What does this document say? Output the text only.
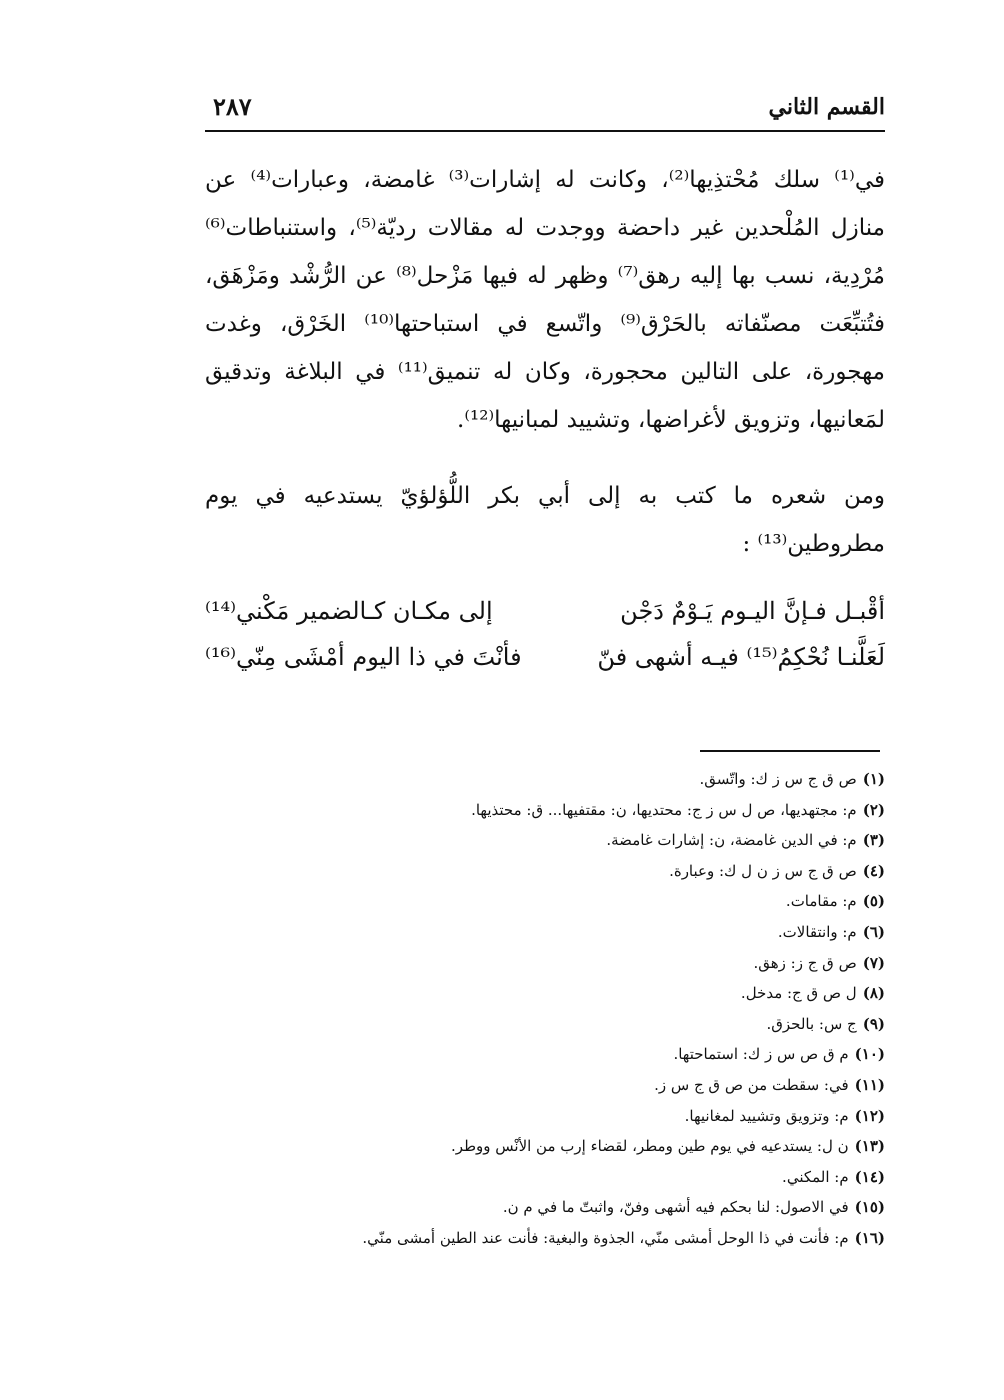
القسم الثاني
٢٨٧

في⁽¹⁾ سلك مُحْتذِيها⁽²⁾، وكانت له إشارات⁽³⁾ غامضة، وعبارات⁽⁴⁾ عن منازل المُلْحدين غير داحضة ووجدت له مقالات رديّة⁽⁵⁾، واستنباطات⁽⁶⁾ مُرْدِية، نسب بها إليه رهق⁽⁷⁾ وظهر له فيها مَزْحل⁽⁸⁾ عن الرُّشْد ومَزْهَق، فتُتبِّعَت مصنّفاته بالحَرْق⁽⁹⁾ واتّسع في استباحتها⁽¹⁰⁾ الخَرْق، وغدت مهجورة، على التالين محجورة، وكان له تنميق⁽¹¹⁾ في البلاغة وتدقيق لمَعانيها، وتزويق لأغراضها، وتشييد لمبانيها⁽¹²⁾.

ومن شعره ما كتب به إلى أبي بكر اللُّؤلؤيّ يستدعيه في يوم مطروطين⁽¹³⁾ :

أقْبـل فـإنَّ اليـوم يَـوْمٌ دَجْن
إلى مكـان كـالضمير مَكْني⁽¹⁴⁾
لَعَلَّنـا نُحْكِمُ⁽¹⁵⁾ فيـه أشهى فنّ
فأنْتَ في ذا اليوم أمْشَى مِنّي⁽¹⁶⁾
(١)ص ق ج س ز ك: واتّسق.
(٢)م: مجتهديها، ص ل س ز ج: محتديها، ن: مقتفيها... ق: محتذيها.
(٣)م: في الدين غامضة، ن: إشارات غامضة.
(٤)ص ق ج س ز ن ل ك: وعبارة.
(٥)م: مقامات.
(٦)م: وانتقالات.
(٧)ص ق ج ز: زهق.
(٨)ل ص ق ج: مدخل.
(٩)ج س: بالحزق.
(١٠)م ق ص س ز ك: استماحتها.
(١١)في: سقطت من ص ق ج س ز.
(١٢)م: وتزويق وتشييد لمغانيها.
(١٣)ن ل: يستدعيه في يوم طين ومطر، لقضاء إرب من الأنْس ووطر.
(١٤)م: المكني.
(١٥)في الاصول: لنا بحكم فيه أشهى وفنّ، واثبتّ ما في م ن.
(١٦)م: فأنت في ذا الوحل أمشى منّي، الجذوة والبغية: فأنت عند الطين أمشى منّي.
